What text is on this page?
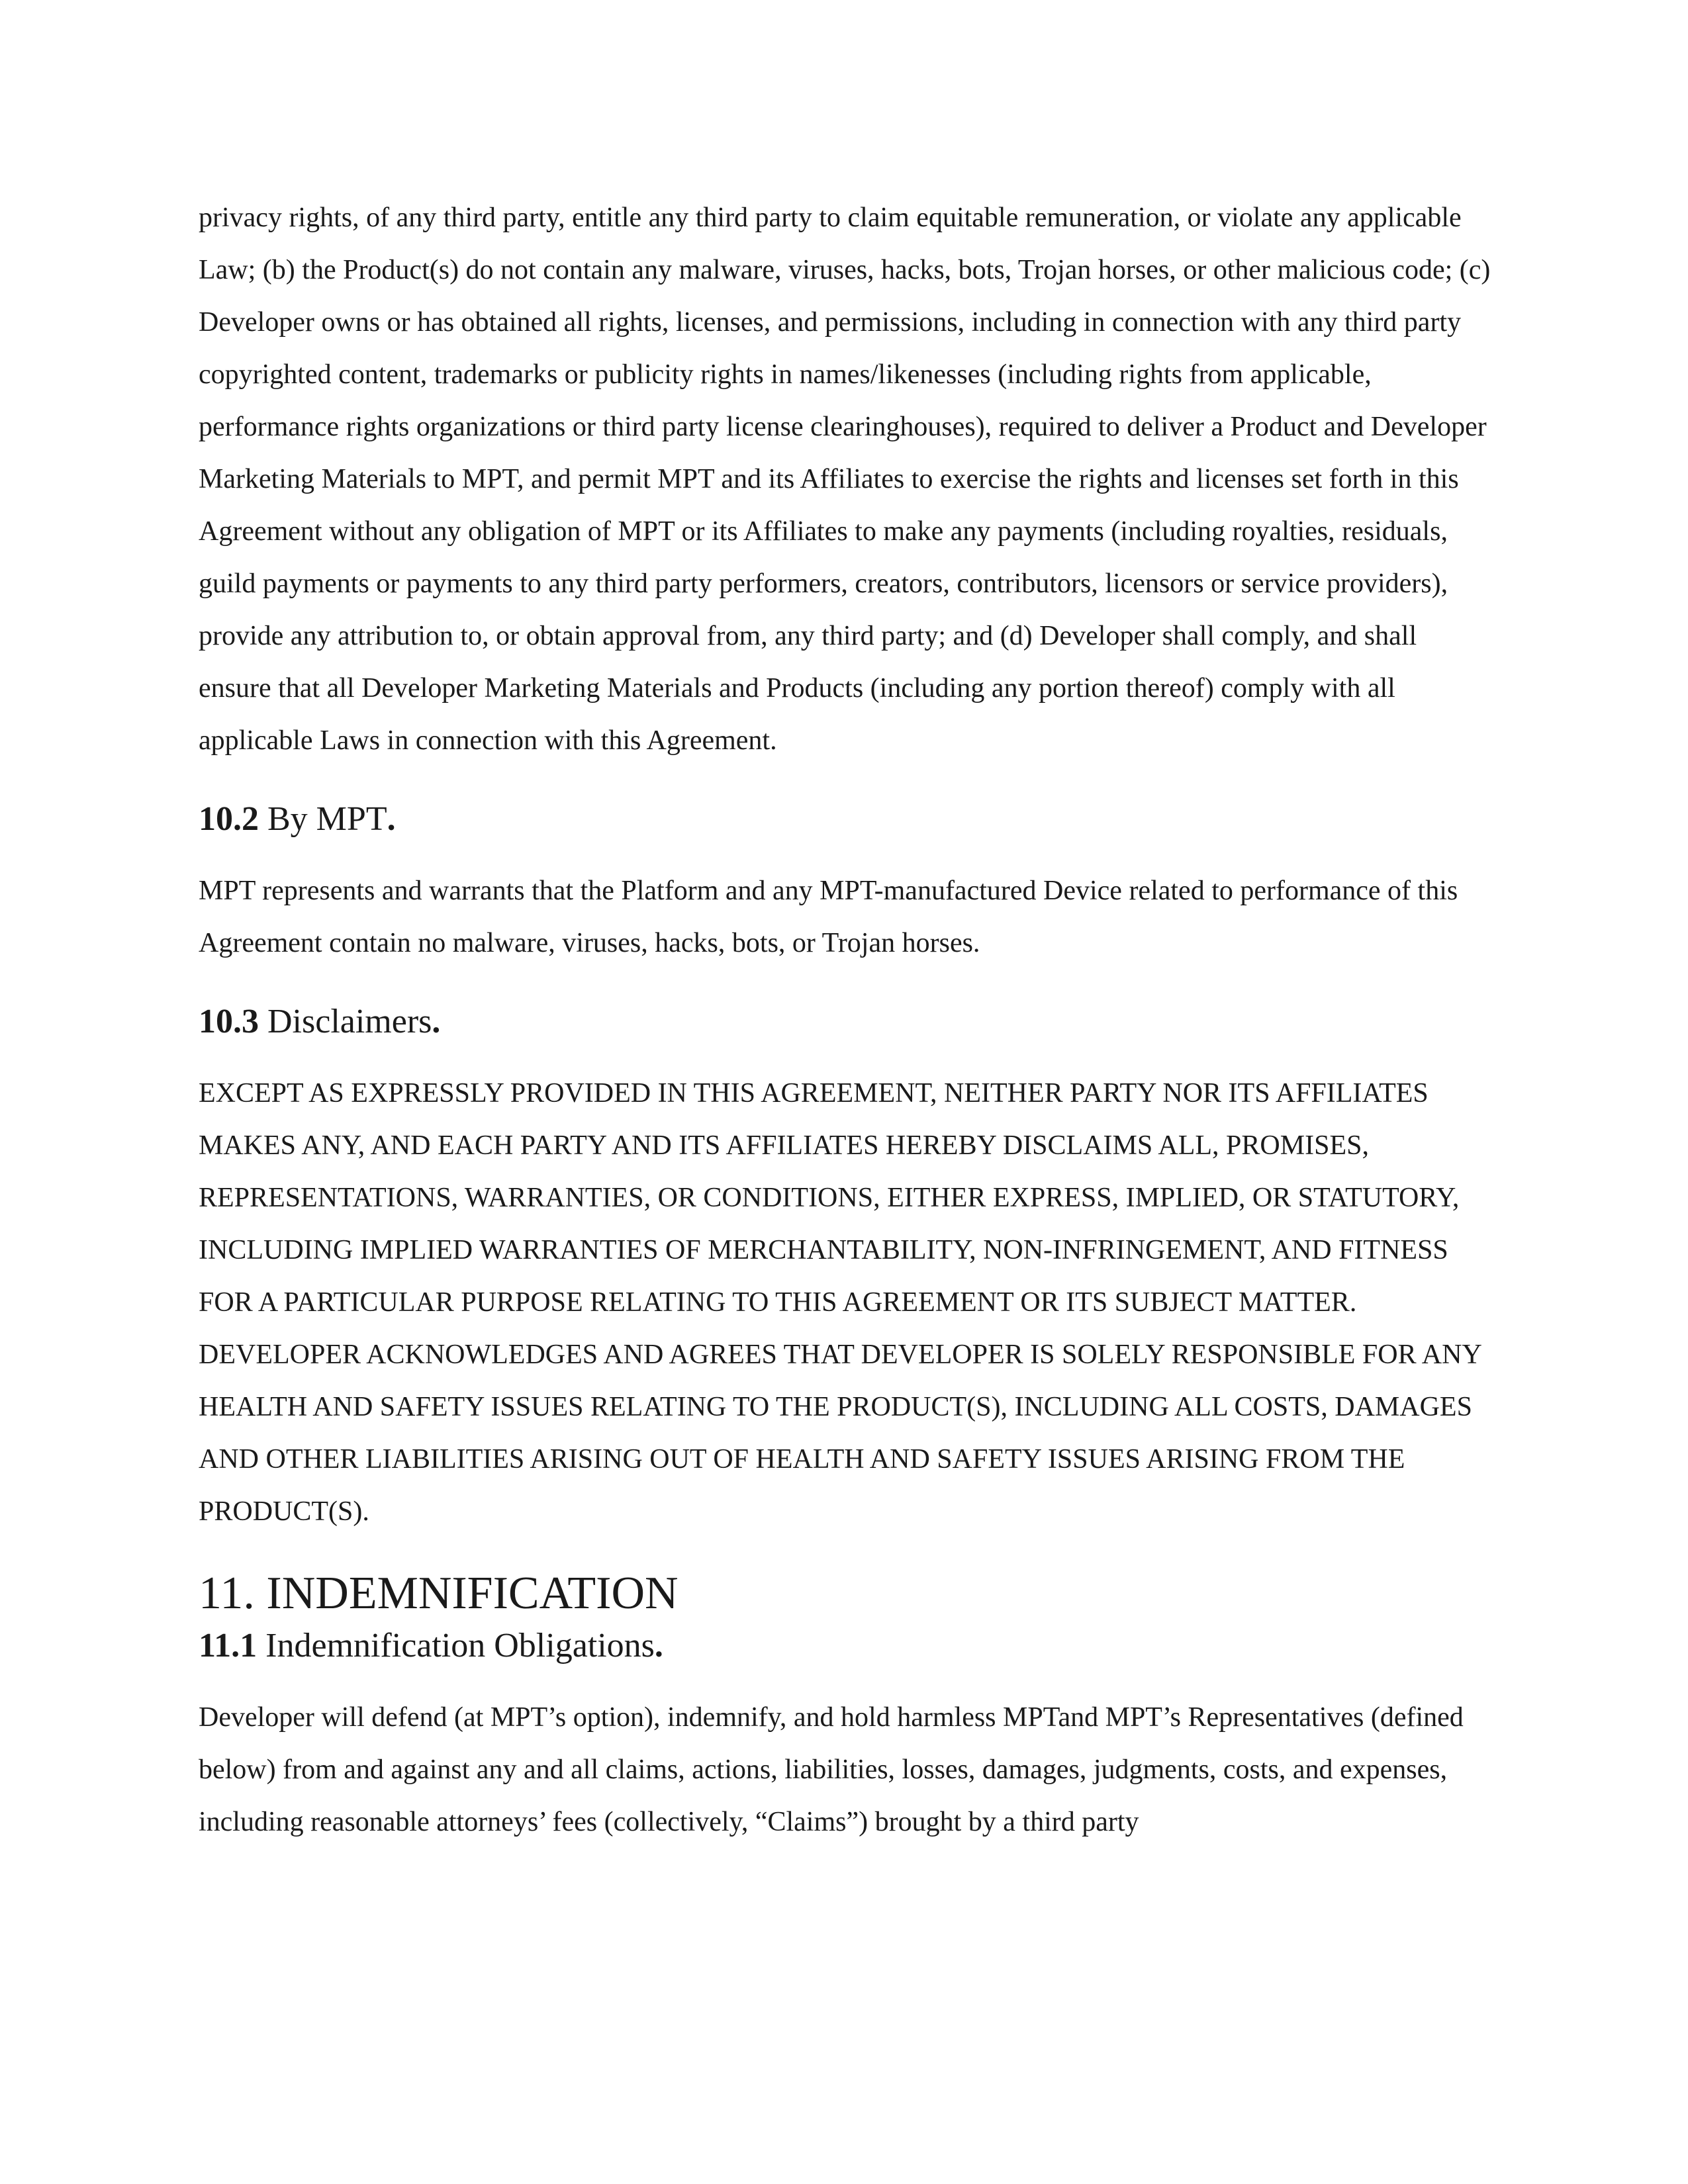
privacy rights, of any third party, entitle any third party to claim equitable remuneration, or violate any applicable Law; (b) the Product(s) do not contain any malware, viruses, hacks, bots, Trojan horses, or other malicious code; (c) Developer owns or has obtained all rights, licenses, and permissions, including in connection with any third party copyrighted content, trademarks or publicity rights in names/likenesses (including rights from applicable, performance rights organizations or third party license clearinghouses), required to deliver a Product and Developer Marketing Materials to MPT, and permit MPT and its Affiliates to exercise the rights and licenses set forth in this Agreement without any obligation of MPT or its Affiliates to make any payments (including royalties, residuals, guild payments or payments to any third party performers, creators, contributors, licensors or service providers), provide any attribution to, or obtain approval from, any third party; and (d) Developer shall comply, and shall ensure that all Developer Marketing Materials and Products (including any portion thereof) comply with all applicable Laws in connection with this Agreement.

10.2 By MPT.

MPT represents and warrants that the Platform and any MPT-manufactured Device related to performance of this Agreement contain no malware, viruses, hacks, bots, or Trojan horses.

10.3 Disclaimers.

EXCEPT AS EXPRESSLY PROVIDED IN THIS AGREEMENT, NEITHER PARTY NOR ITS AFFILIATES MAKES ANY, AND EACH PARTY AND ITS AFFILIATES HEREBY DISCLAIMS ALL, PROMISES, REPRESENTATIONS, WARRANTIES, OR CONDITIONS, EITHER EXPRESS, IMPLIED, OR STATUTORY, INCLUDING IMPLIED WARRANTIES OF MERCHANTABILITY, NON-INFRINGEMENT, AND FITNESS FOR A PARTICULAR PURPOSE RELATING TO THIS AGREEMENT OR ITS SUBJECT MATTER. DEVELOPER ACKNOWLEDGES AND AGREES THAT DEVELOPER IS SOLELY RESPONSIBLE FOR ANY HEALTH AND SAFETY ISSUES RELATING TO THE PRODUCT(S), INCLUDING ALL COSTS, DAMAGES AND OTHER LIABILITIES ARISING OUT OF HEALTH AND SAFETY ISSUES ARISING FROM THE PRODUCT(S).

11. INDEMNIFICATION
11.1 Indemnification Obligations.

Developer will defend (at MPT’s option), indemnify, and hold harmless MPTand MPT’s Representatives (defined below) from and against any and all claims, actions, liabilities, losses, damages, judgments, costs, and expenses, including reasonable attorneys’ fees (collectively, “Claims”) brought by a third party
